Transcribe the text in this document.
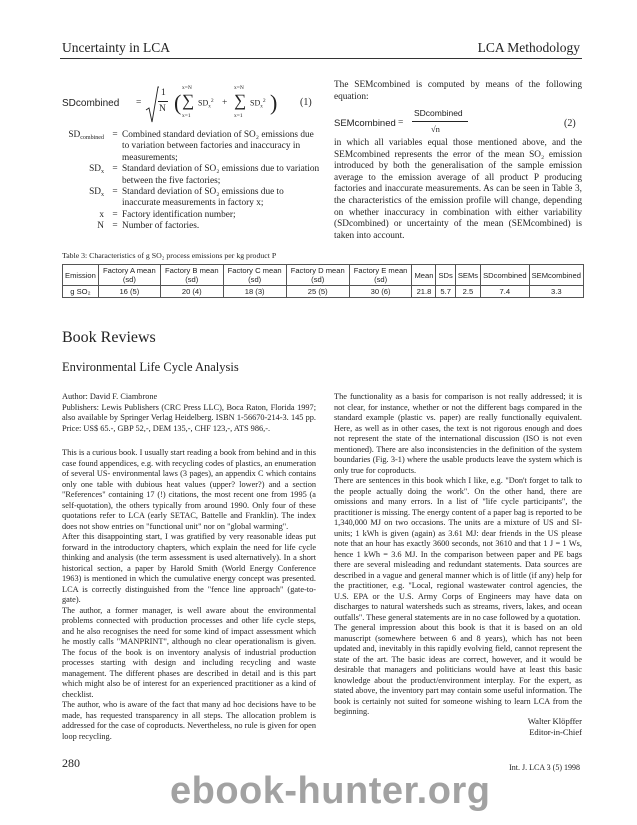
Uncertainty in LCA	LCA Methodology
SDcombined =
1
N (
x=N
∑
x=1
$SD_x^2$ +
x=N
∑
x=1
$SD_x^2$ ) (1)
$SD_{combined}$ = Combined standard deviation of SO₂ emissions due to variation between factories and inaccuracy in measurements;
$SD_x$ = Standard deviation of SO₂ emissions due to variation between the five factories;
$SD_x$ = Standard deviation of SO₂ emissions due to inaccurate measurements in factory x;
x = Factory identification number;
N = Number of factories.
The SEMcombined is computed by means of the following equation:
SEMcombined =
SDcombined
√n	(2)
in which all variables equal those mentioned above, and the SEMcombined represents the error of the mean SO₂ emission introduced by both the generalisation of the sample emission average to the emission average of all product P producing factories and inaccurate measurements. As can be seen in Table 3, the characteristics of the emission profile will change, depending on whether inaccuracy in combination with either variability (SDcombined) or uncertainty of the mean (SEMcombined) is taken into account.
Table 3: Characteristics of g SO₂ process emissions per kg product P
Emission	Factory A mean (sd)	Factory B mean (sd)	Factory C mean (sd)	Factory D mean (sd)	Factory E mean (sd)	Mean	SDs	SEMs	SDcombined	SEMcombined
g SO₂	16 (5)	20 (4)	18 (3)	25 (5)	30 (6)	21.8	5.7	2.5	7.4	3.3
Book Reviews
Environmental Life Cycle Analysis
Author: David F. Ciambrone
Publishers: Lewis Publishers (CRC Press LLC), Boca Raton, Florida 1997; also available by Springer Verlag Heidelberg. ISBN 1-56670-214-3. 145 pp. Price: US$ 65.-, GBP 52,-, DEM 135,-, CHF 123,-, ATS 986,-.
This is a curious book. I usually start reading a book from behind and in this case found appendices, e.g. with recycling codes of plastics, an enumeration of several US- environmental laws (3 pages), an appendix C which contains only one table with dubious heat values (upper? lower?) and a section "References" containing 17 (!) citations, the most recent one from 1995 (a self-quotation), the others typically from around 1990. Only four of these quotations refer to LCA (early SETAC, Battelle and Franklin). The index does not show entries on "functional unit" nor on "global warming".
After this disappointing start, I was gratified by very reasonable ideas put forward in the introductory chapters, which explain the need for life cycle thinking and analysis (the term assessment is used alternatively). In a short historical section, a paper by Harold Smith (World Energy Conference 1963) is mentioned in which the cumulative energy concept was presented. LCA is correctly distinguished from the "fence line approach" (gate-to-gate).
The author, a former manager, is well aware about the environmental problems connected with production processes and other life cycle steps, and he also recognises the need for some kind of impact assessment which he mostly calls "MANPRINT", although no clear operationalism is given. The focus of the book is on inventory analysis of industrial production processes starting with design and including recycling and waste management. The different phases are described in detail and is this part which might also be of interest for an experienced practitioner as a kind of checklist.
The author, who is aware of the fact that many ad hoc decisions have to be made, has requested transparency in all steps. The allocation problem is addressed for the case of coproducts. Nevertheless, no rule is given for open loop recycling.
The functionality as a basis for comparison is not really addressed; it is not clear, for instance, whether or not the different bags compared in the standard example (plastic vs. paper) are really functionally equivalent. Here, as well as in other cases, the text is not rigorous enough and does not represent the state of the international discussion (ISO is not even mentioned). There are also inconsistencies in the definition of the system boundaries (Fig. 3-1) where the usable products leave the system which is only true for coproducts.
There are sentences in this book which I like, e.g. "Don't forget to talk to the people actually doing the work". On the other hand, there are omissions and many errors. In a list of "life cycle participants", the practitioner is missing. The energy content of a paper bag is reported to be 1,340,000 MJ on two occasions. The units are a mixture of US and SI-units; 1 kWh is given (again) as 3.61 MJ: dear friends in the US please note that an hour has exactly 3600 seconds, not 3610 and that 1 J = 1 Ws, hence 1 kWh = 3.6 MJ. In the comparison between paper and PE bags there are several misleading and redundant statements. Data sources are described in a vague and general manner which is of little (if any) help for the practitioner, e.g. "Local, regional wastewater control agencies, the U.S. EPA or the U.S. Army Corps of Engineers may have data on discharges to natural watersheds such as streams, rivers, lakes, and ocean outfalls". These general statements are in no case followed by a quotation.
The general impression about this book is that it is based on an old manuscript (somewhere between 6 and 8 years), which has not been updated and, inevitably in this rapidly evolving field, cannot represent the state of the art. The basic ideas are correct, however, and it would be desirable that managers and politicians would have at least this basic knowledge about the product/environment interplay. For the expert, as stated above, the inventory part may contain some useful information. The book is certainly not suited for someone wishing to learn LCA from the beginning.
Walter Klöpffer
Editor-in-Chief
280	Int. J. LCA 3 (5) 1998
ebook-hunter.org
